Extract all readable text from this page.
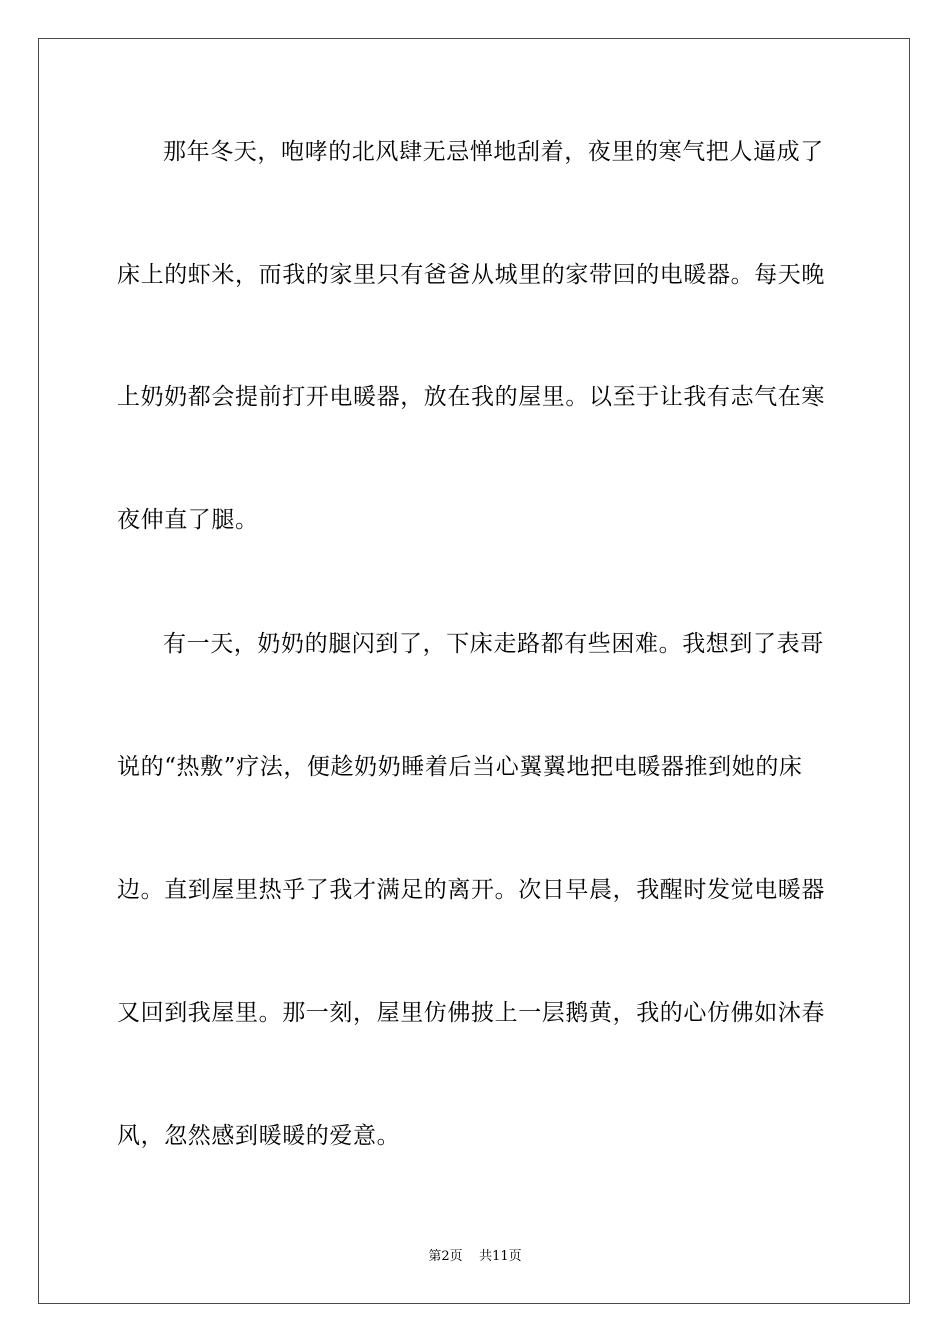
那年冬天，咆哮的北风肆无忌惮地刮着，夜里的寒气把人逼成了
床上的虾米，而我的家里只有爸爸从城里的家带回的电暖器。每天晚
上奶奶都会提前打开电暖器，放在我的屋里。以至于让我有志气在寒
夜伸直了腿。
有一天，奶奶的腿闪到了，下床走路都有些困难。我想到了表哥
说的“热敷”疗法，便趁奶奶睡着后当心翼翼地把电暖器推到她的床
边。直到屋里热乎了我才满足的离开。次日早晨，我醒时发觉电暖器
又回到我屋里。那一刻，屋里仿佛披上一层鹅黄，我的心仿佛如沐春
风，忽然感到暖暖的爱意。
第2页    共11页
